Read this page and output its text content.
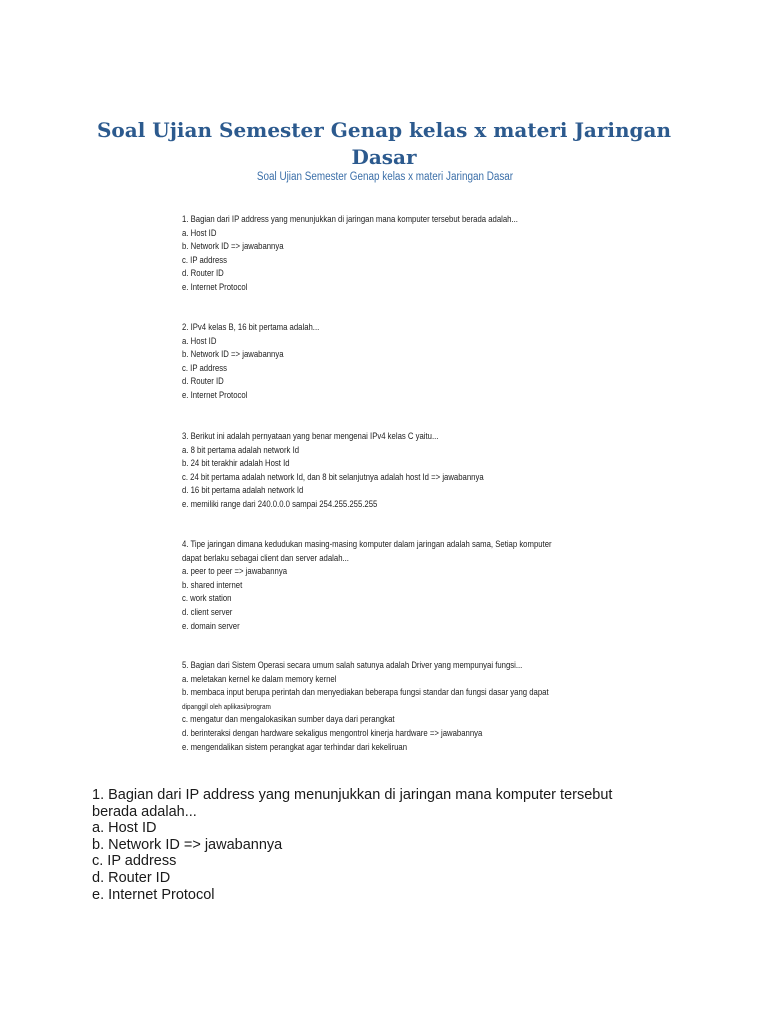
Soal Ujian Semester Genap kelas x materi Jaringan Dasar
Soal Ujian Semester Genap kelas x materi Jaringan Dasar
1. Bagian dari IP address yang menunjukkan di jaringan mana komputer tersebut berada adalah...
a. Host ID
b. Network ID => jawabannya
c. IP address
d. Router ID
e. Internet Protocol
2. IPv4 kelas B, 16 bit pertama adalah...
a. Host ID
b. Network ID => jawabannya
c. IP address
d. Router ID
e. Internet Protocol
3. Berikut ini adalah pernyataan yang benar mengenai IPv4 kelas C yaitu...
a. 8 bit pertama adalah network Id
b. 24 bit terakhir adalah Host Id
c. 24 bit pertama adalah network Id, dan 8 bit selanjutnya adalah host Id => jawabannya
d. 16 bit pertama adalah network Id
e. memiliki range dari 240.0.0.0 sampai 254.255.255.255
4. Tipe jaringan dimana kedudukan masing-masing komputer dalam jaringan adalah sama, Setiap komputer
dapat berlaku sebagai client dan server adalah...
a. peer to peer => jawabannya
b. shared internet
c. work station
d. client server
e. domain server
5. Bagian dari Sistem Operasi secara umum salah satunya adalah Driver yang mempunyai fungsi...
a. meletakan kernel ke dalam memory kernel
b. membaca input berupa perintah dan menyediakan beberapa fungsi standar dan fungsi dasar yang dapat
dipanggil oleh aplikasi/program
c. mengatur dan mengalokasikan sumber daya dari perangkat
d. berinteraksi dengan hardware sekaligus mengontrol kinerja hardware => jawabannya
e. mengendalikan sistem perangkat agar terhindar dari kekeliruan
1. Bagian dari IP address yang menunjukkan di jaringan mana komputer tersebut
berada adalah...
a. Host ID
b. Network ID => jawabannya
c. IP address
d. Router ID
e. Internet Protocol
